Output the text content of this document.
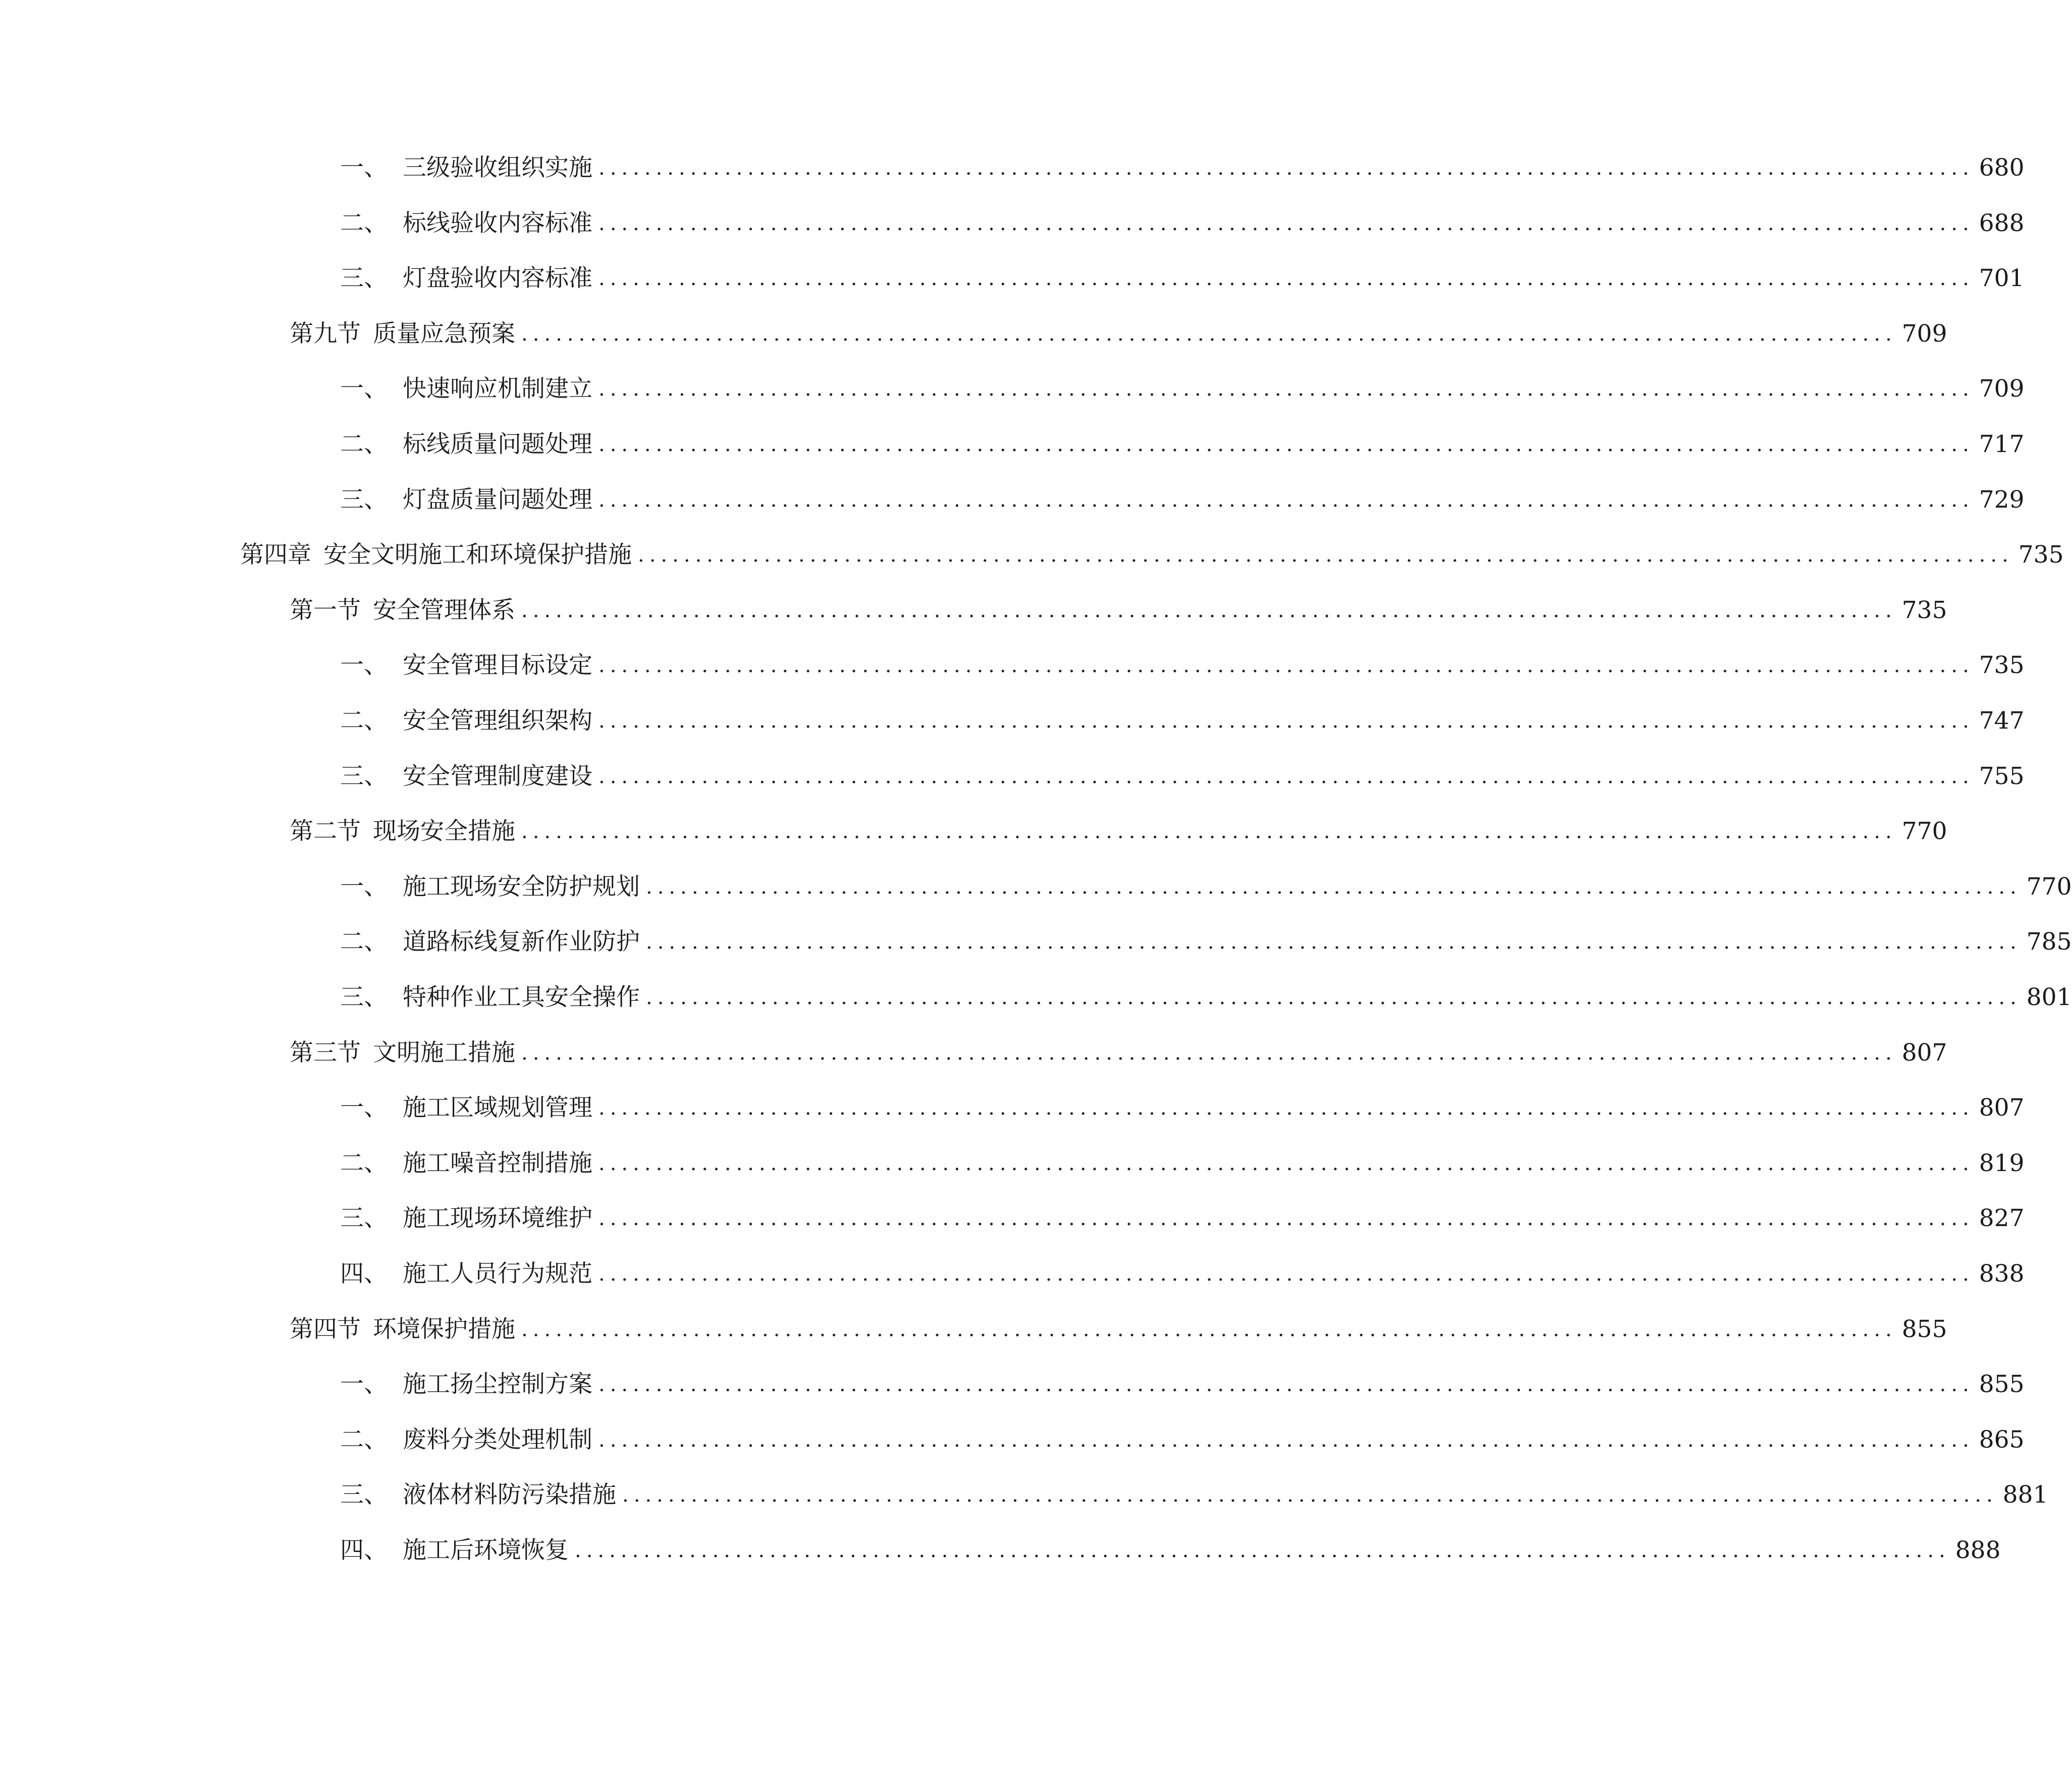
一、 三级验收组织实施 ........................................................................................................................ 680
二、 标线验收内容标准 ........................................................................................................................ 688
三、 灯盘验收内容标准 ........................................................................................................................ 701
第九节 质量应急预案 ........................................................................................................................ 709
一、 快速响应机制建立 ........................................................................................................................ 709
二、 标线质量问题处理 ........................................................................................................................ 717
三、 灯盘质量问题处理 ........................................................................................................................ 729
第四章 安全文明施工和环境保护措施 ........................................................................................................................ 735
第一节 安全管理体系 ........................................................................................................................ 735
一、 安全管理目标设定 ........................................................................................................................ 735
二、 安全管理组织架构 ........................................................................................................................ 747
三、 安全管理制度建设 ........................................................................................................................ 755
第二节 现场安全措施 ........................................................................................................................ 770
一、 施工现场安全防护规划 ........................................................................................................................ 770
二、 道路标线复新作业防护 ........................................................................................................................ 785
三、 特种作业工具安全操作 ........................................................................................................................ 801
第三节 文明施工措施 ........................................................................................................................ 807
一、 施工区域规划管理 ........................................................................................................................ 807
二、 施工噪音控制措施 ........................................................................................................................ 819
三、 施工现场环境维护 ........................................................................................................................ 827
四、 施工人员行为规范 ........................................................................................................................ 838
第四节 环境保护措施 ........................................................................................................................ 855
一、 施工扬尘控制方案 ........................................................................................................................ 855
二、 废料分类处理机制 ........................................................................................................................ 865
三、 液体材料防污染措施 ........................................................................................................................ 881
四、 施工后环境恢复 ........................................................................................................................ 888
